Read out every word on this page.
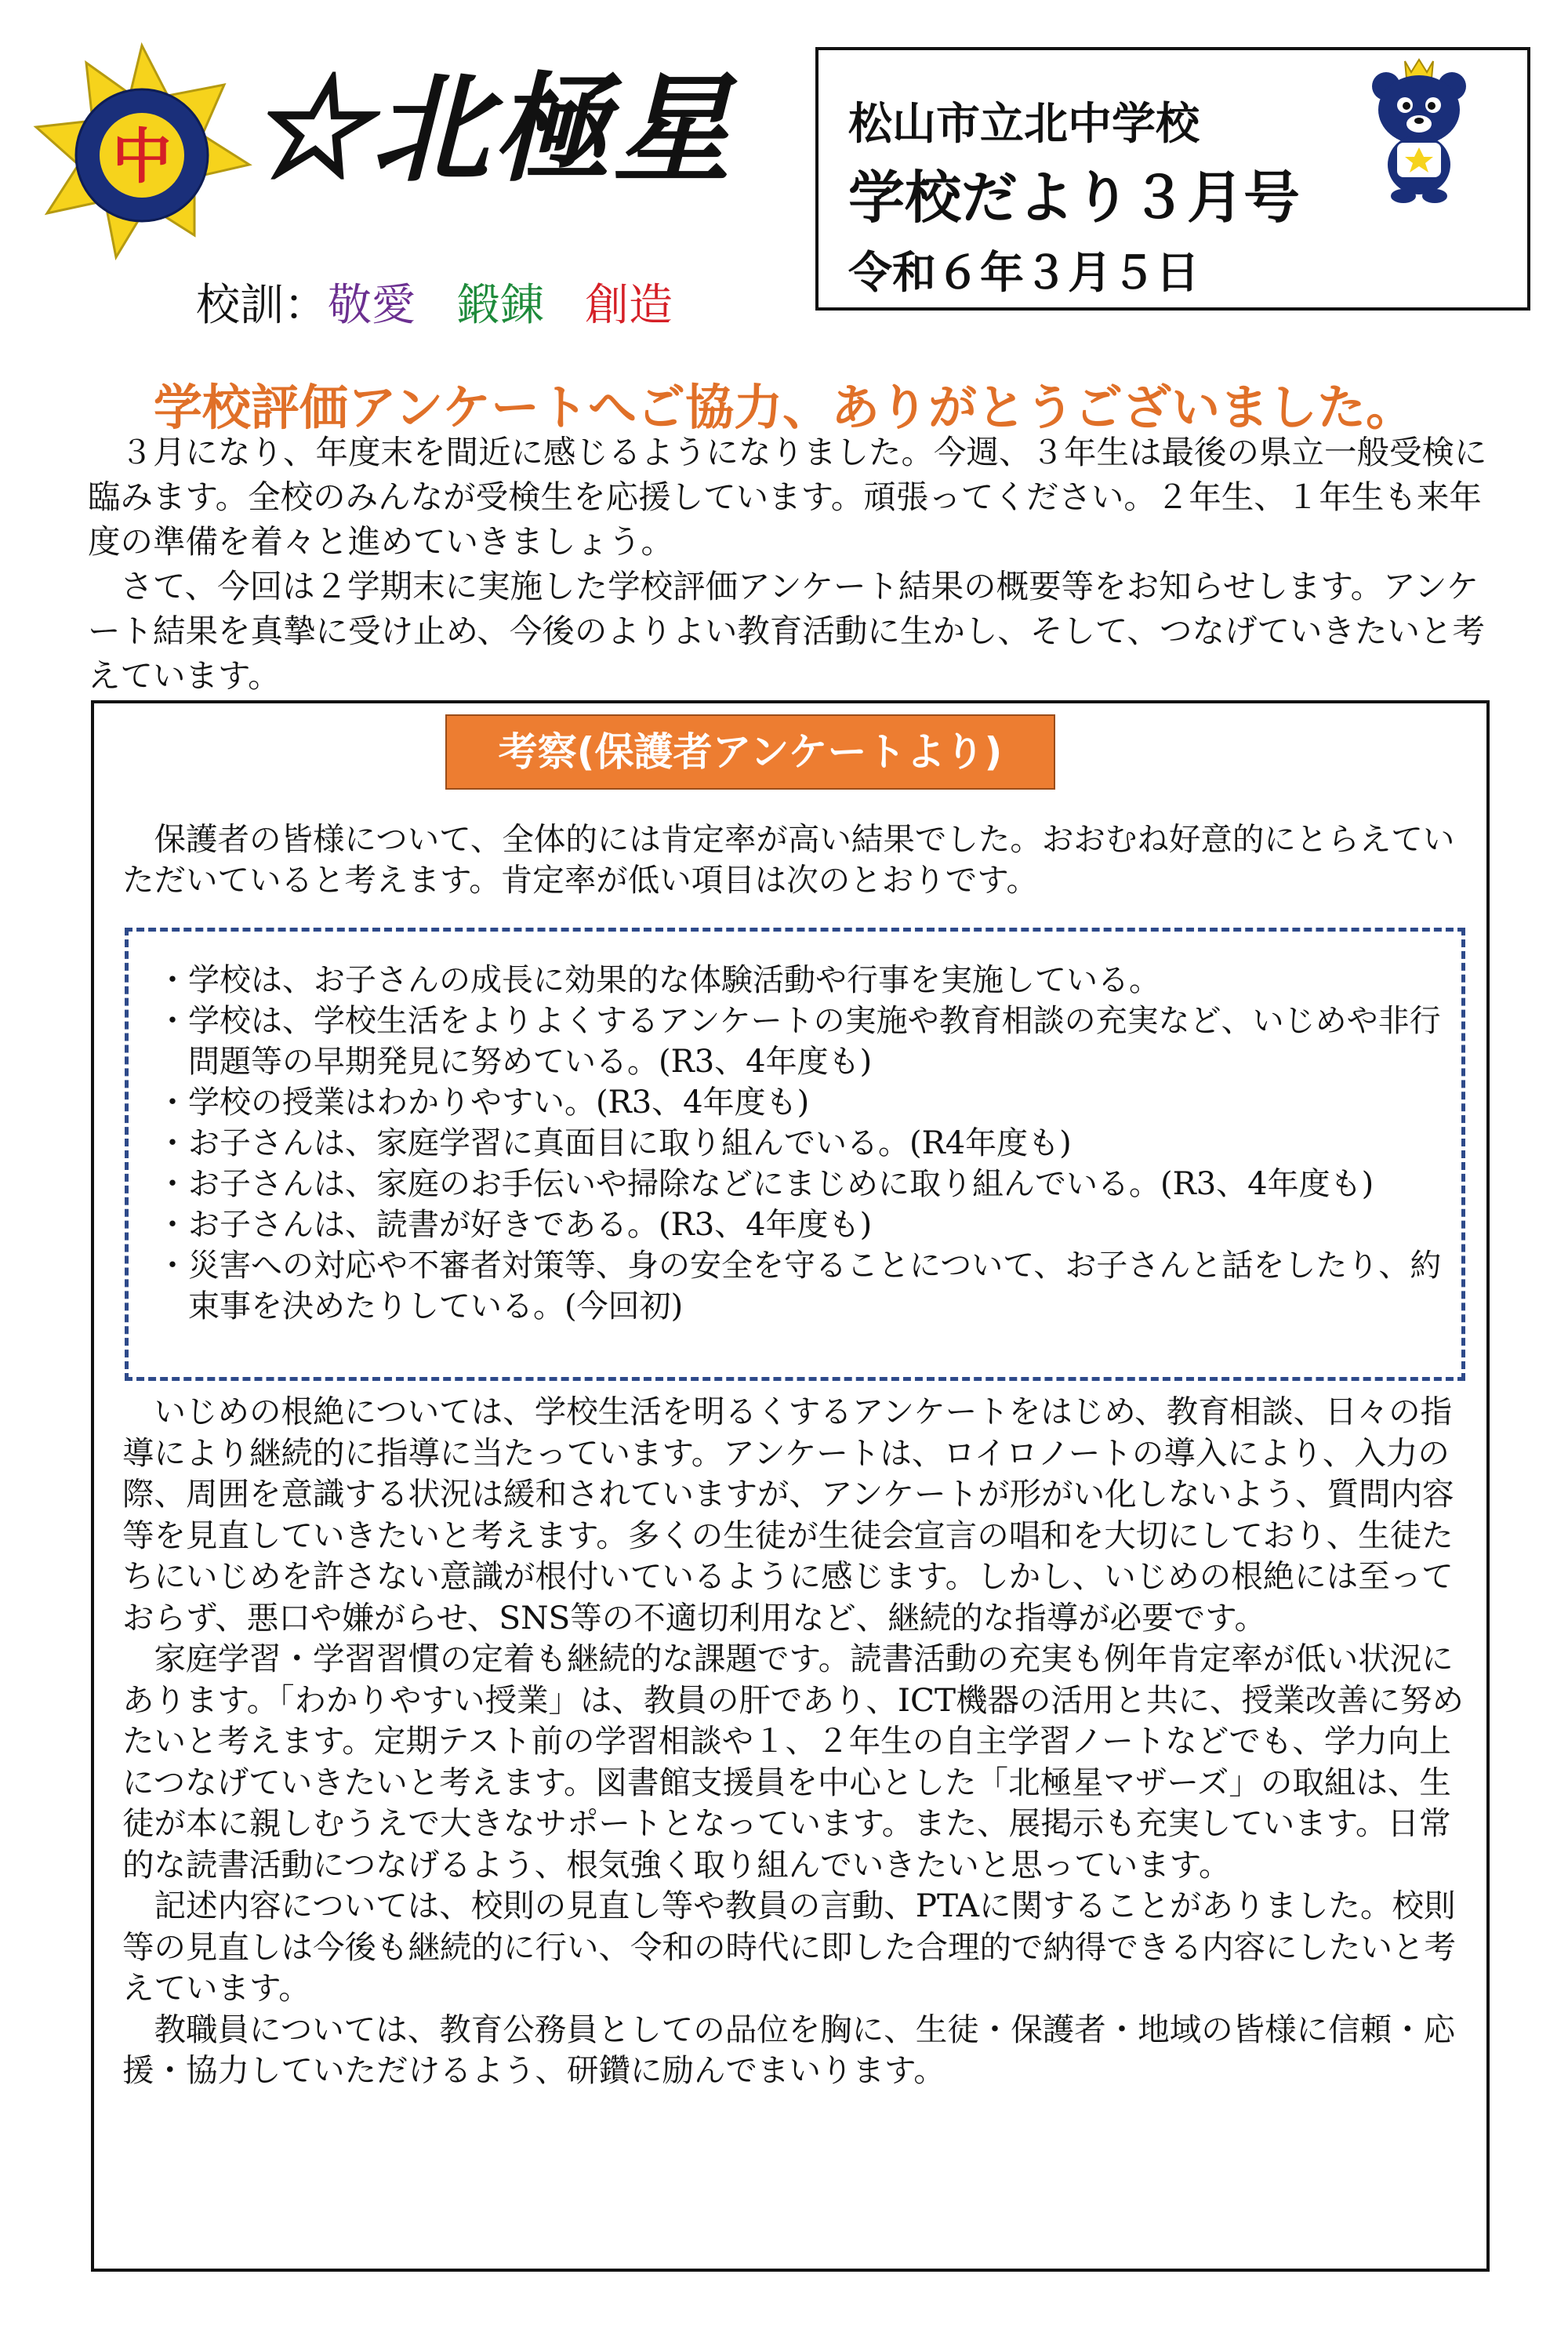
中 ☆北極星
校訓：敬愛 鍛錬 創造
松山市立北中学校
学校だより３月号
令和６年３月５日
学校評価アンケートへご協力、ありがとうございました。

３月になり、年度末を間近に感じるようになりました。今週、３年生は最後の県立一般受検に臨みます。全校のみんなが受検生を応援しています。頑張ってください。２年生、１年生も来年度の準備を着々と進めていきましょう。

さて、今回は２学期末に実施した学校評価アンケート結果の概要等をお知らせします。アンケート結果を真摯に受け止め、今後のよりよい教育活動に生かし、そして、つなげていきたいと考えています。

考察(保護者アンケートより)

保護者の皆様について、全体的には肯定率が高い結果でした。おおむね好意的にとらえていただいていると考えます。肯定率が低い項目は次のとおりです。

・ 学校は、お子さんの成長に効果的な体験活動や行事を実施している。
・ 学校は、学校生活をよりよくするアンケートの実施や教育相談の充実など、いじめや非行問題等の早期発見に努めている。(R3、4年度も)
・ 学校の授業はわかりやすい。(R3、4年度も)
・ お子さんは、家庭学習に真面目に取り組んでいる。(R4年度も)
・ お子さんは、家庭のお手伝いや掃除などにまじめに取り組んでいる。(R3、4年度も)
・ お子さんは、読書が好きである。(R3、4年度も)
・ 災害への対応や不審者対策等、身の安全を守ることについて、お子さんと話をしたり、約束事を決めたりしている。(今回初)

いじめの根絶については、学校生活を明るくするアンケートをはじめ、教育相談、日々の指導により継続的に指導に当たっています。アンケートは、ロイロノートの導入により、入力の際、周囲を意識する状況は緩和されていますが、アンケートが形がい化しないよう、質問内容等を見直していきたいと考えます。多くの生徒が生徒会宣言の唱和を大切にしており、生徒たちにいじめを許さない意識が根付いているように感じます。しかし、いじめの根絶には至っておらず、悪口や嫌がらせ、SNS等の不適切利用など、継続的な指導が必要です。

家庭学習・学習習慣の定着も継続的な課題です。読書活動の充実も例年肯定率が低い状況にあります。「わかりやすい授業」は、教員の肝であり、ICT機器の活用と共に、授業改善に努めたいと考えます。定期テスト前の学習相談や１、２年生の自主学習ノートなどでも、学力向上につなげていきたいと考えます。図書館支援員を中心とした「北極星マザーズ」の取組は、生徒が本に親しむうえで大きなサポートとなっています。また、展掲示も充実しています。日常的な読書活動につなげるよう、根気強く取り組んでいきたいと思っています。

記述内容については、校則の見直し等や教員の言動、PTAに関することがありました。校則等の見直しは今後も継続的に行い、令和の時代に即した合理的で納得できる内容にしたいと考えています。

教職員については、教育公務員としての品位を胸に、生徒・保護者・地域の皆様に信頼・応援・協力していただけるよう、研鑽に励んでまいります。
